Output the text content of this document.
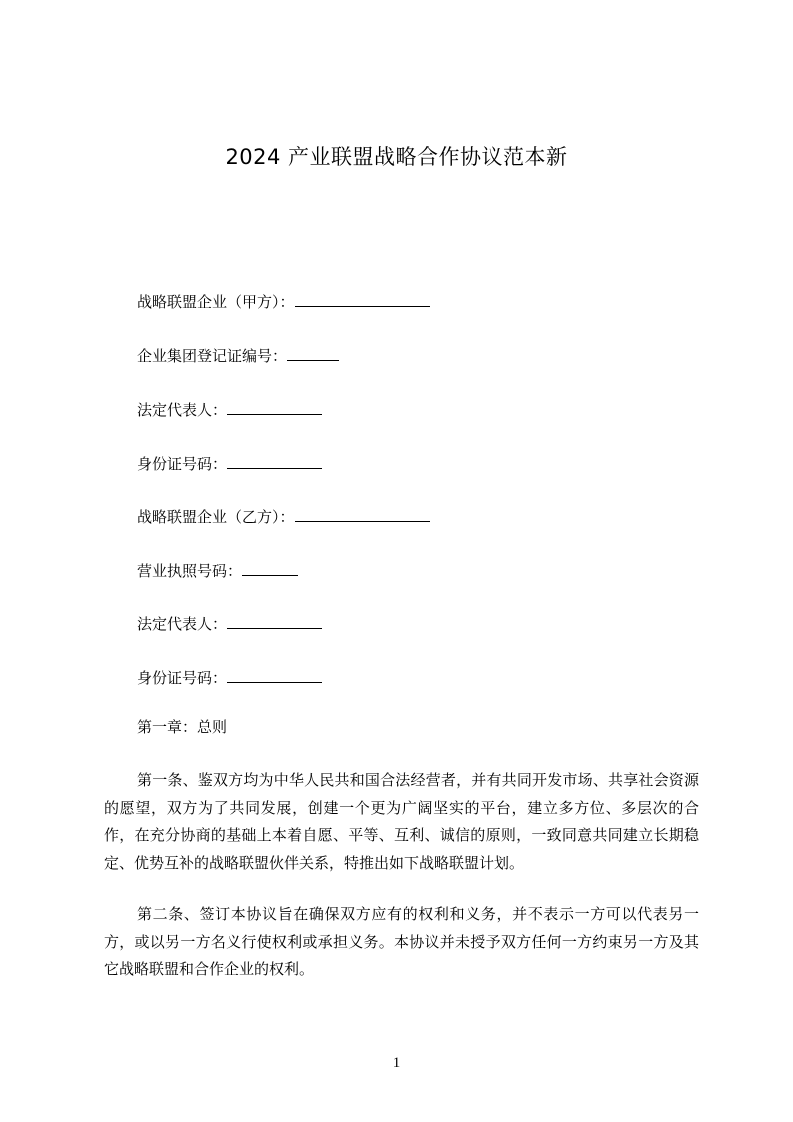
2024 产业联盟战略合作协议范本新
战略联盟企业（甲方）：
企业集团登记证编号：
法定代表人：
身份证号码：
战略联盟企业（乙方）：
营业执照号码：
法定代表人：
身份证号码：
第一章：总则
第一条、鉴双方均为中华人民共和国合法经营者，并有共同开发市场、共享社会资源的愿望，双方为了共同发展，创建一个更为广阔坚实的平台，建立多方位、多层次的合作，在充分协商的基础上本着自愿、平等、互利、诚信的原则，一致同意共同建立长期稳定、优势互补的战略联盟伙伴关系，特推出如下战略联盟计划。
第二条、签订本协议旨在确保双方应有的权利和义务，并不表示一方可以代表另一方，或以另一方名义行使权利或承担义务。本协议并未授予双方任何一方约束另一方及其它战略联盟和合作企业的权利。
1
